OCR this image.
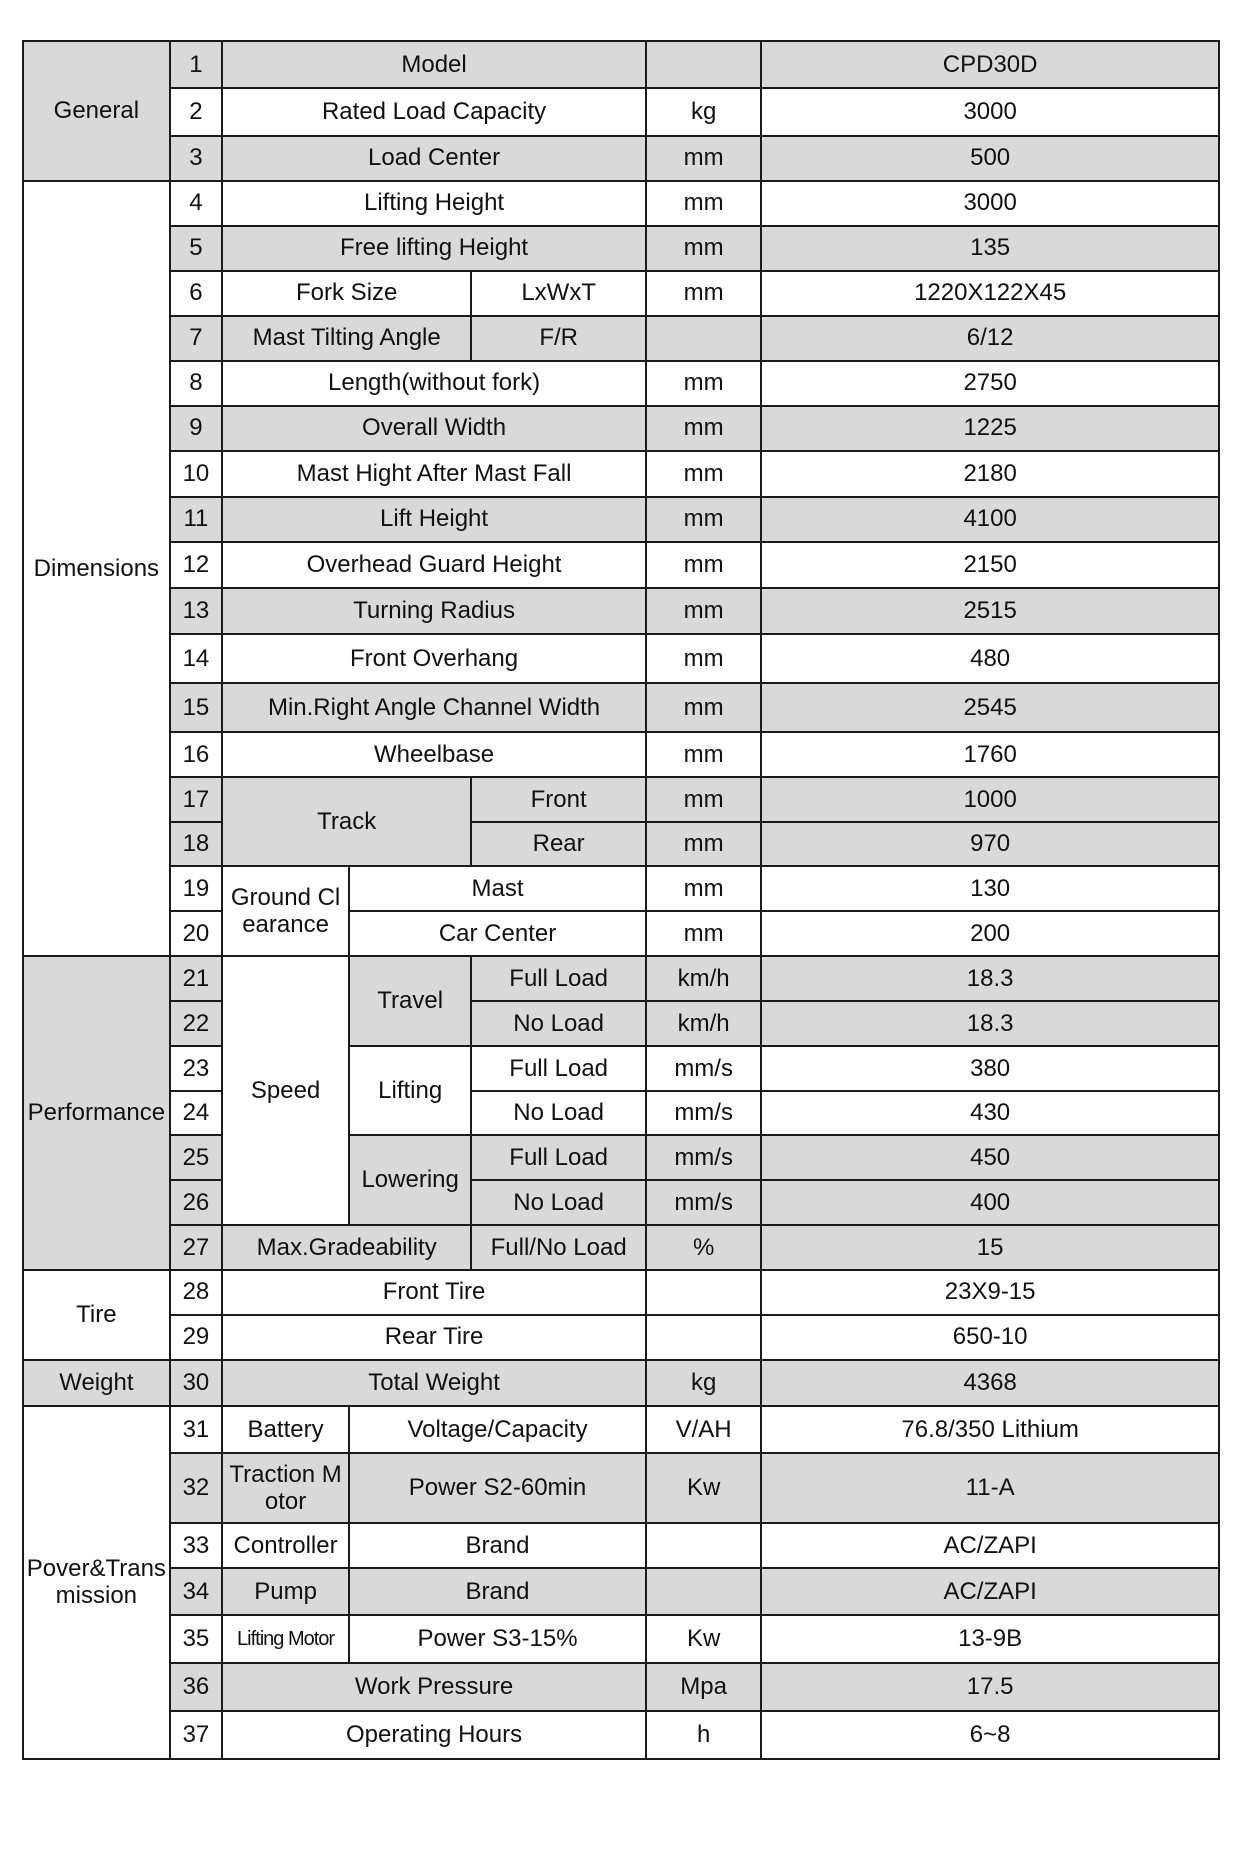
General	1	Model				CPD30D
	2	Rated Load Capacity			kg	3000
	3	Load Center			mm	500
Dimensions	4	Lifting Height			mm	3000
	5	Free lifting Height			mm	135
	6	Fork Size		LxWxT	mm	1220X122X45
	7	Mast Tilting Angle		F/R		6/12
	8	Length(without fork)			mm	2750
	9	Overall Width			mm	1225
	10	Mast Hight After Mast Fall			mm	2180
	11	Lift Height			mm	4100
	12	Overhead Guard Height			mm	2150
	13	Turning Radius			mm	2515
	14	Front Overhang			mm	480
	15	Min.Right Angle Channel Width			mm	2545
	16	Wheelbase			mm	1760
	17	Track		Front	mm	1000
	18			Rear	mm	970
	19	Ground Clearance	Mast		mm	130
	20		Car Center		mm	200
Performance	21	Speed	Travel	Full Load	km/h	18.3
	22			No Load	km/h	18.3
	23		Lifting	Full Load	mm/s	380
	24			No Load	mm/s	430
	25		Lowering	Full Load	mm/s	450
	26			No Load	mm/s	400
	27	Max.Gradeability		Full/No Load	%	15
Tire	28	Front Tire				23X9-15
	29	Rear Tire				650-10
Weight	30	Total Weight			kg	4368
Pover&Transmission	31	Battery	Voltage/Capacity		V/AH	76.8/350 Lithium
	32	Traction Motor	Power S2-60min		Kw	11-A
	33	Controller	Brand			AC/ZAPI
	34	Pump	Brand			AC/ZAPI
	35	Lifting Motor	Power S3-15%		Kw	13-9B
	36	Work Pressure			Mpa	17.5
	37	Operating Hours			h	6~8
